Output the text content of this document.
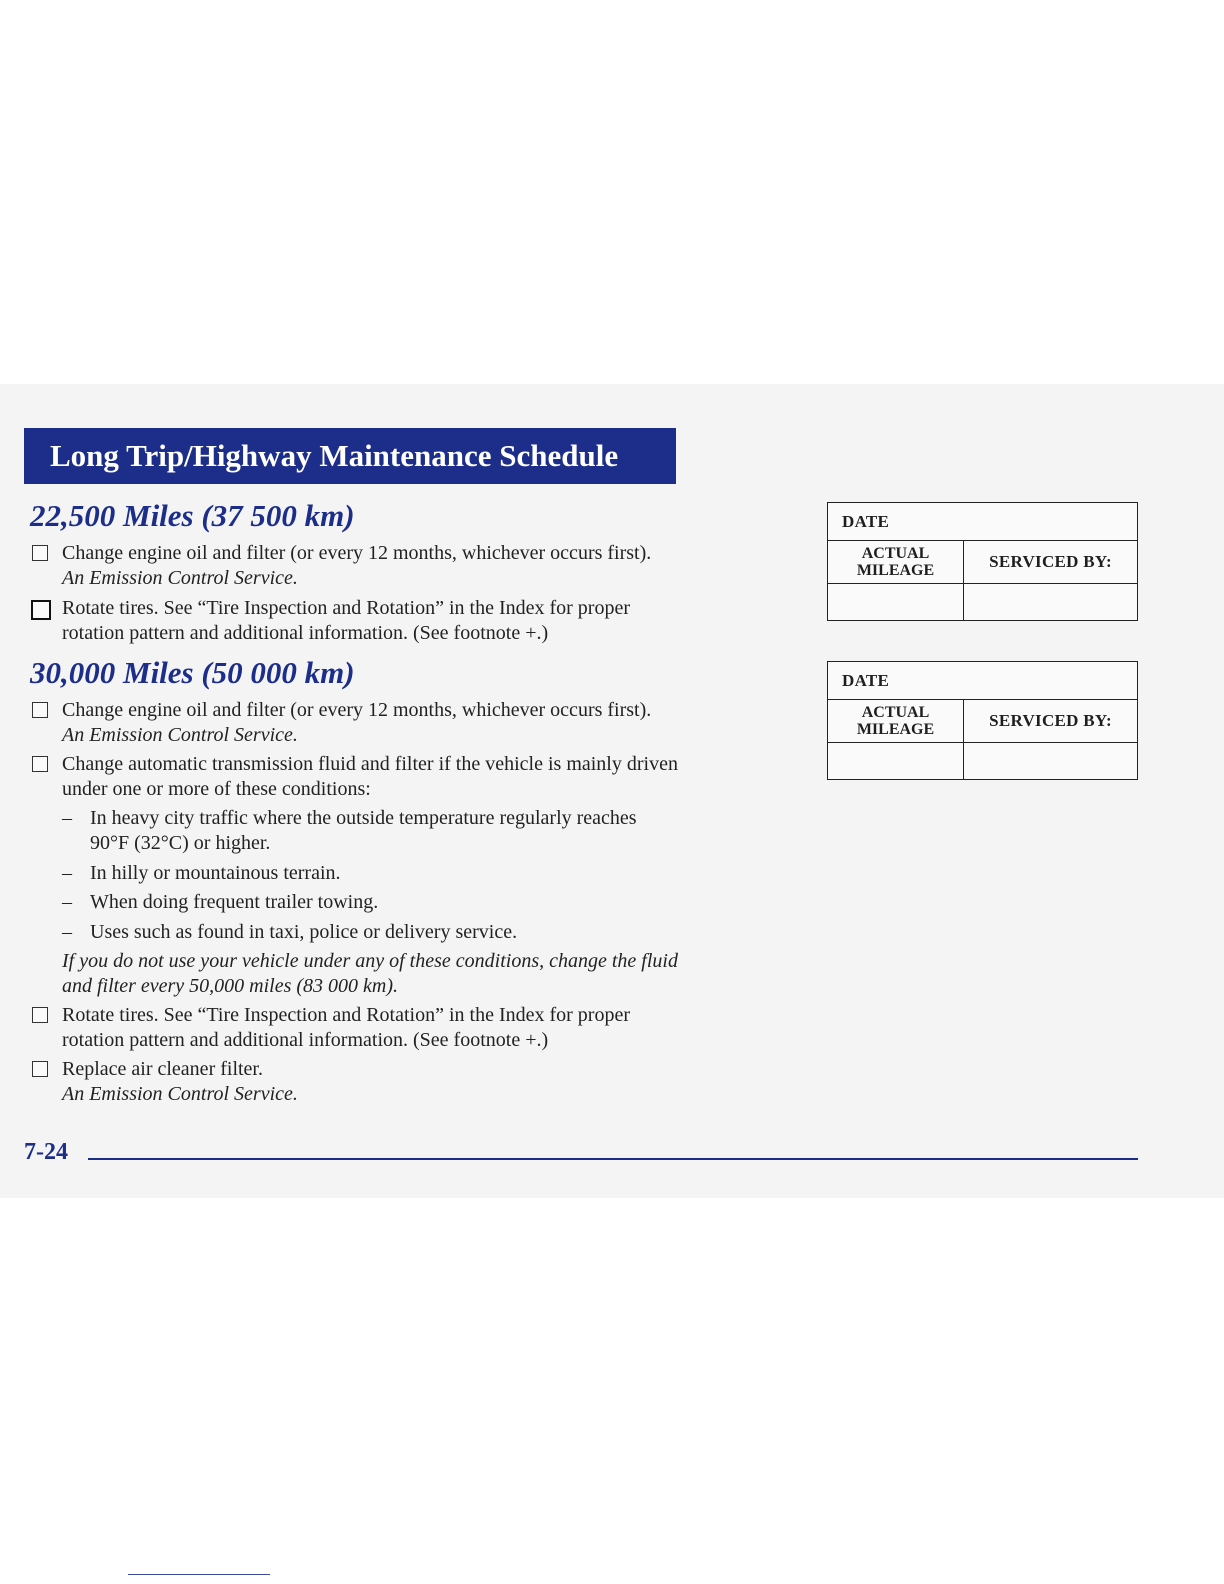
Long Trip/Highway Maintenance Schedule
22,500 Miles (37 500 km)
Change engine oil and filter (or every 12 months, whichever occurs first).
An Emission Control Service.
Rotate tires. See “Tire Inspection and Rotation” in the Index for proper
rotation pattern and additional information. (See footnote +.)
30,000 Miles (50 000 km)
Change engine oil and filter (or every 12 months, whichever occurs first).
An Emission Control Service.
Change automatic transmission fluid and filter if the vehicle is mainly driven
under one or more of these conditions:
– In heavy city traffic where the outside temperature regularly reaches
90°F (32°C) or higher.
– In hilly or mountainous terrain.
– When doing frequent trailer towing.
– Uses such as found in taxi, police or delivery service.
If you do not use your vehicle under any of these conditions, change the fluid
and filter every 50,000 miles (83 000 km).
Rotate tires. See “Tire Inspection and Rotation” in the Index for proper
rotation pattern and additional information. (See footnote +.)
Replace air cleaner filter.
An Emission Control Service.
DATE
ACTUAL
MILEAGE	SERVICED BY:
DATE
ACTUAL
MILEAGE	SERVICED BY:
7-24
